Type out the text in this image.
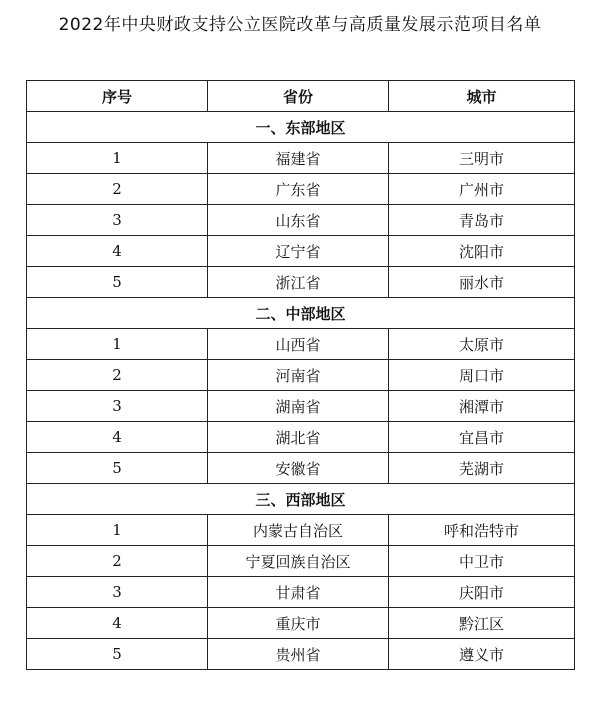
2022年中央财政支持公立医院改革与高质量发展示范项目名单
序号	省份	城市
一、东部地区		
1	福建省	三明市
2	广东省	广州市
3	山东省	青岛市
4	辽宁省	沈阳市
5	浙江省	丽水市
二、中部地区		
1	山西省	太原市
2	河南省	周口市
3	湖南省	湘潭市
4	湖北省	宜昌市
5	安徽省	芜湖市
三、西部地区		
1	内蒙古自治区	呼和浩特市
2	宁夏回族自治区	中卫市
3	甘肃省	庆阳市
4	重庆市	黔江区
5	贵州省	遵义市
